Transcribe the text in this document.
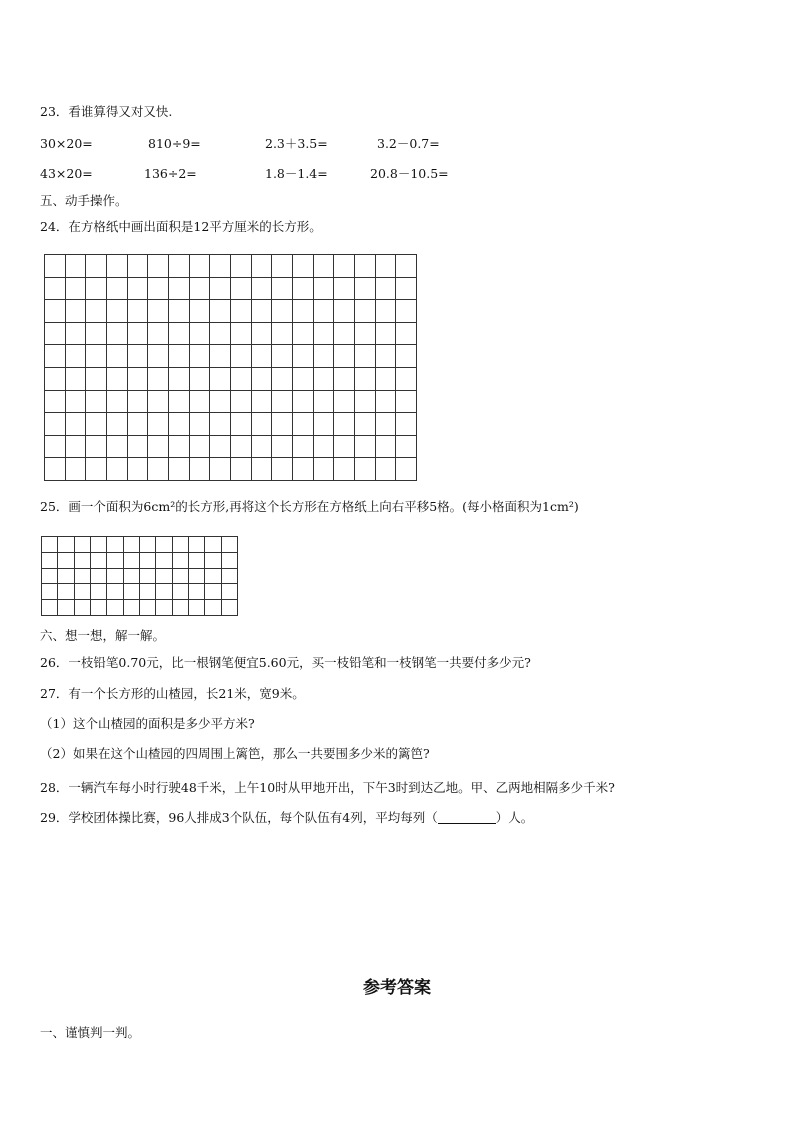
23．看谁算得又对又快.
30×20=	810÷9=	2.3＋3.5=	3.2－0.7=
43×20=	136÷2=	1.8－1.4=	20.8－10.5=
五、动手操作。
24．在方格纸中画出面积是12平方厘米的长方形。

25．画一个面积为6cm²的长方形,再将这个长方形在方格纸上向右平移5格。(每小格面积为1cm²)

六、想一想，解一解。
26．一枝铅笔0.70元，比一根钢笔便宜5.60元，买一枝铅笔和一枝钢笔一共要付多少元?
27．有一个长方形的山楂园，长21米，宽9米。
（1）这个山楂园的面积是多少平方米?
（2）如果在这个山楂园的四周围上篱笆，那么一共要围多少米的篱笆?
28．一辆汽车每小时行驶48千米，上午10时从甲地开出，下午3时到达乙地。甲、乙两地相隔多少千米?
29．学校团体操比赛，96人排成3个队伍，每个队伍有4列，平均每列（	）人。
参考答案
一、谨慎判一判。
